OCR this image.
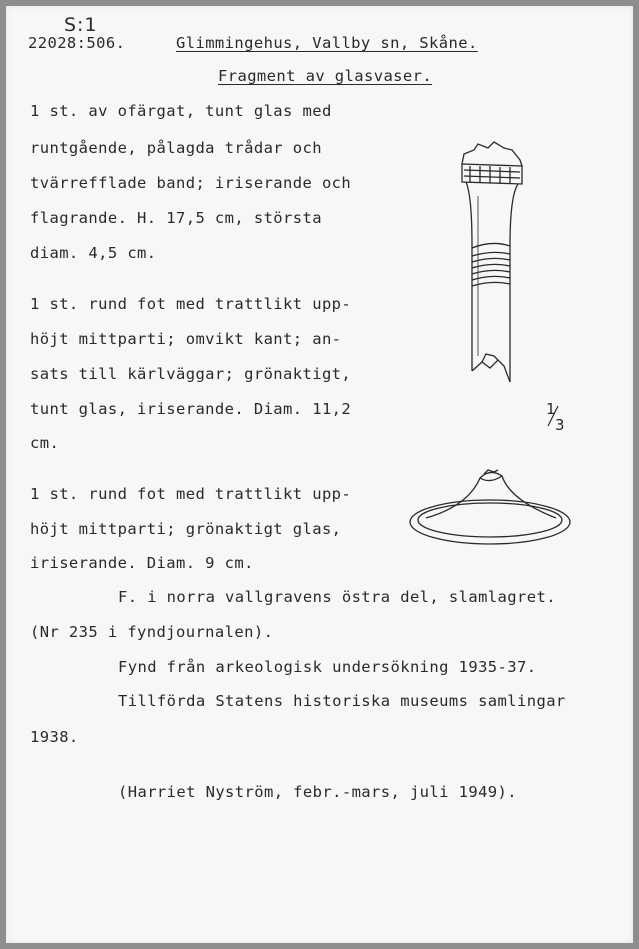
S:1
22028:506.	Glimmingehus, Vallby sn, Skåne.
Fragment av glasvaser.
1 st. av ofärgat, tunt glas med
runtgående, pålagda trådar och
tvärrefflade band; iriserande och
flagrande. H. 17,5 cm, största
diam. 4,5 cm.
1 st. rund fot med trattlikt upp-
höjt mittparti; omvikt kant; an-
sats till kärlväggar; grönaktigt,
tunt glas, iriserande. Diam. 11,2
cm.
1 st. rund fot med trattlikt upp-
höjt mittparti; grönaktigt glas,
iriserande. Diam. 9 cm.
F. i norra vallgravens östra del, slamlagret.
(Nr 235 i fyndjournalen).
Fynd från arkeologisk undersökning 1935-37.
Tillförda Statens historiska museums samlingar
1938.
(Harriet Nyström, febr.-mars, juli 1949).
1
3
